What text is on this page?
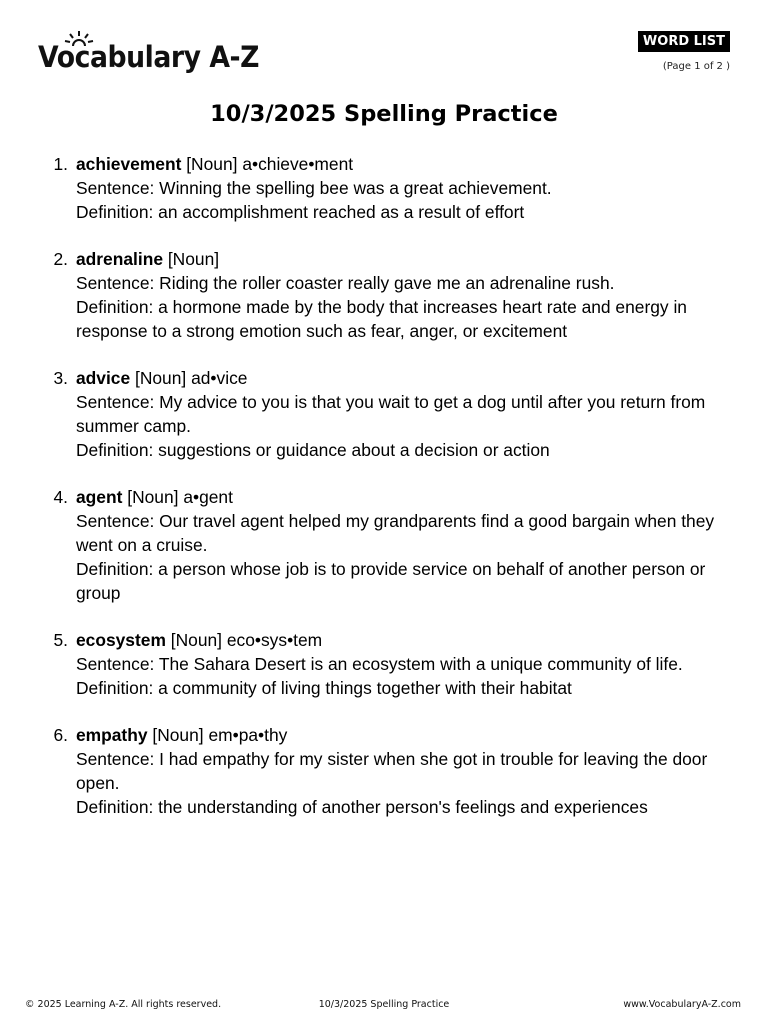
Vocabulary A-Z	WORD LIST
(Page 1 of 2 )
10/3/2025 Spelling Practice
1. achievement [Noun] a•chieve•ment
Sentence: Winning the spelling bee was a great achievement.
Definition: an accomplishment reached as a result of effort
2. adrenaline [Noun]
Sentence: Riding the roller coaster really gave me an adrenaline rush.
Definition: a hormone made by the body that increases heart rate and energy in response to a strong emotion such as fear, anger, or excitement
3. advice [Noun] ad•vice
Sentence: My advice to you is that you wait to get a dog until after you return from summer camp.
Definition: suggestions or guidance about a decision or action
4. agent [Noun] a•gent
Sentence: Our travel agent helped my grandparents find a good bargain when they went on a cruise.
Definition: a person whose job is to provide service on behalf of another person or group
5. ecosystem [Noun] eco•sys•tem
Sentence: The Sahara Desert is an ecosystem with a unique community of life.
Definition: a community of living things together with their habitat
6. empathy [Noun] em•pa•thy
Sentence: I had empathy for my sister when she got in trouble for leaving the door open.
Definition: the understanding of another person's feelings and experiences
© 2025 Learning A-Z. All rights reserved.	10/3/2025 Spelling Practice	www.VocabularyA-Z.com
